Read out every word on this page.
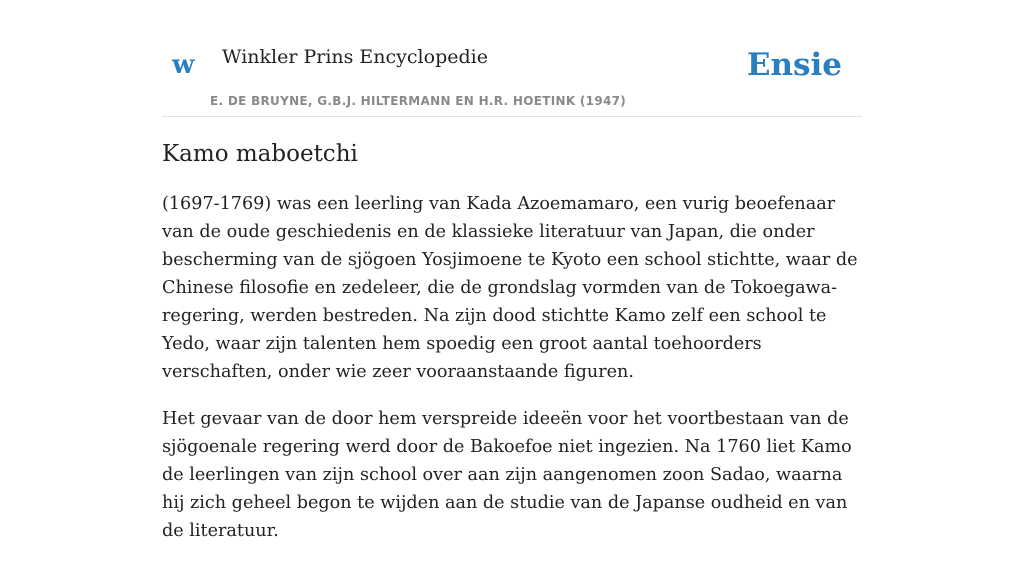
w Winkler Prins Encyclopedie
E. DE BRUYNE, G.B.J. HILTERMANN EN H.R. HOETINK (1947)
Ensie
Kamo maboetchi

(1697-1769) was een leerling van Kada Azoemamaro, een vurig beoefenaar van de oude geschiedenis en de klassieke literatuur van Japan, die onder bescherming van de sjögoen Yosjimoene te Kyoto een school stichtte, waar de Chinese filosofie en zedeleer, die de grondslag vormden van de Tokoegawa-regering, werden bestreden. Na zijn dood stichtte Kamo zelf een school te Yedo, waar zijn talenten hem spoedig een groot aantal toehoorders verschaften, onder wie zeer vooraanstaande figuren.

Het gevaar van de door hem verspreide ideeën voor het voortbestaan van de sjögoenale regering werd door de Bakoefoe niet ingezien. Na 1760 liet Kamo de leerlingen van zijn school over aan zijn aangenomen zoon Sadao, waarna hij zich geheel begon te wijden aan de studie van de Japanse oudheid en van de literatuur.
